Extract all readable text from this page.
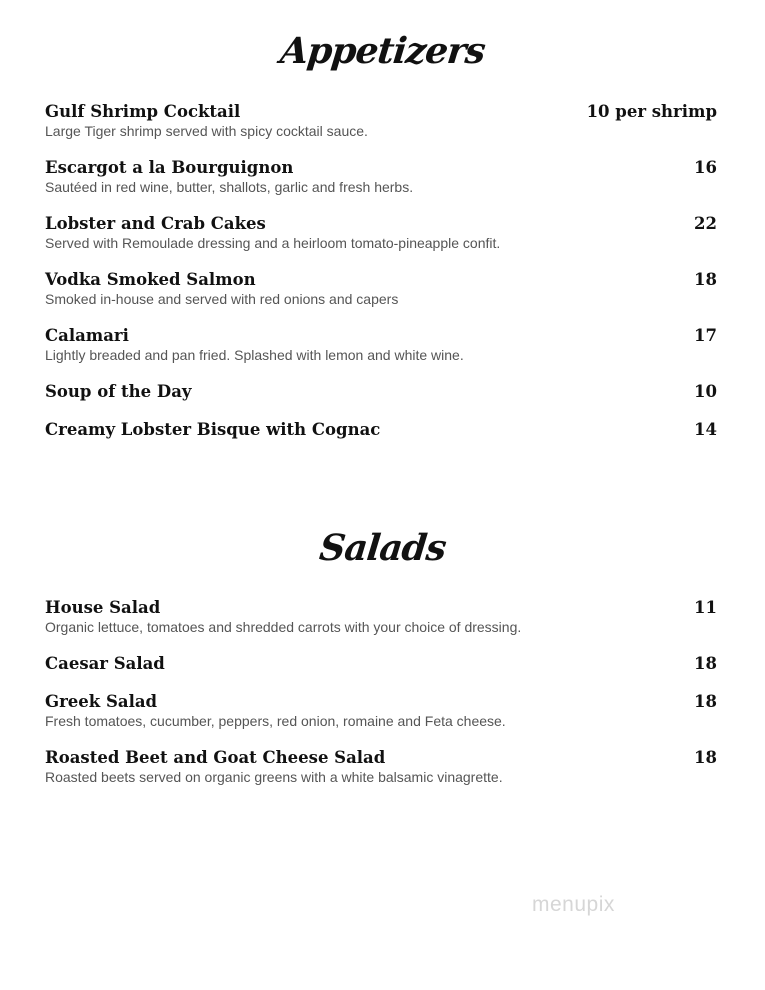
Appetizers
Gulf Shrimp Cocktail	10 per shrimp
Large Tiger shrimp served with spicy cocktail sauce.
Escargot a la Bourguignon	16
Sautéed in red wine, butter, shallots, garlic and fresh herbs.
Lobster and Crab Cakes	22
Served with Remoulade dressing and a heirloom tomato-pineapple confit.
Vodka Smoked Salmon	18
Smoked in-house and served with red onions and capers
Calamari	17
Lightly breaded and pan fried. Splashed with lemon and white wine.
Soup of the Day	10
Creamy Lobster Bisque with Cognac	14
Salads
House Salad	11
Organic lettuce, tomatoes and shredded carrots with your choice of dressing.
Caesar Salad	18
Greek Salad	18
Fresh tomatoes, cucumber, peppers, red onion, romaine and Feta cheese.
Roasted Beet and Goat Cheese Salad	18
Roasted beets served on organic greens with a white balsamic vinagrette.
menupix
